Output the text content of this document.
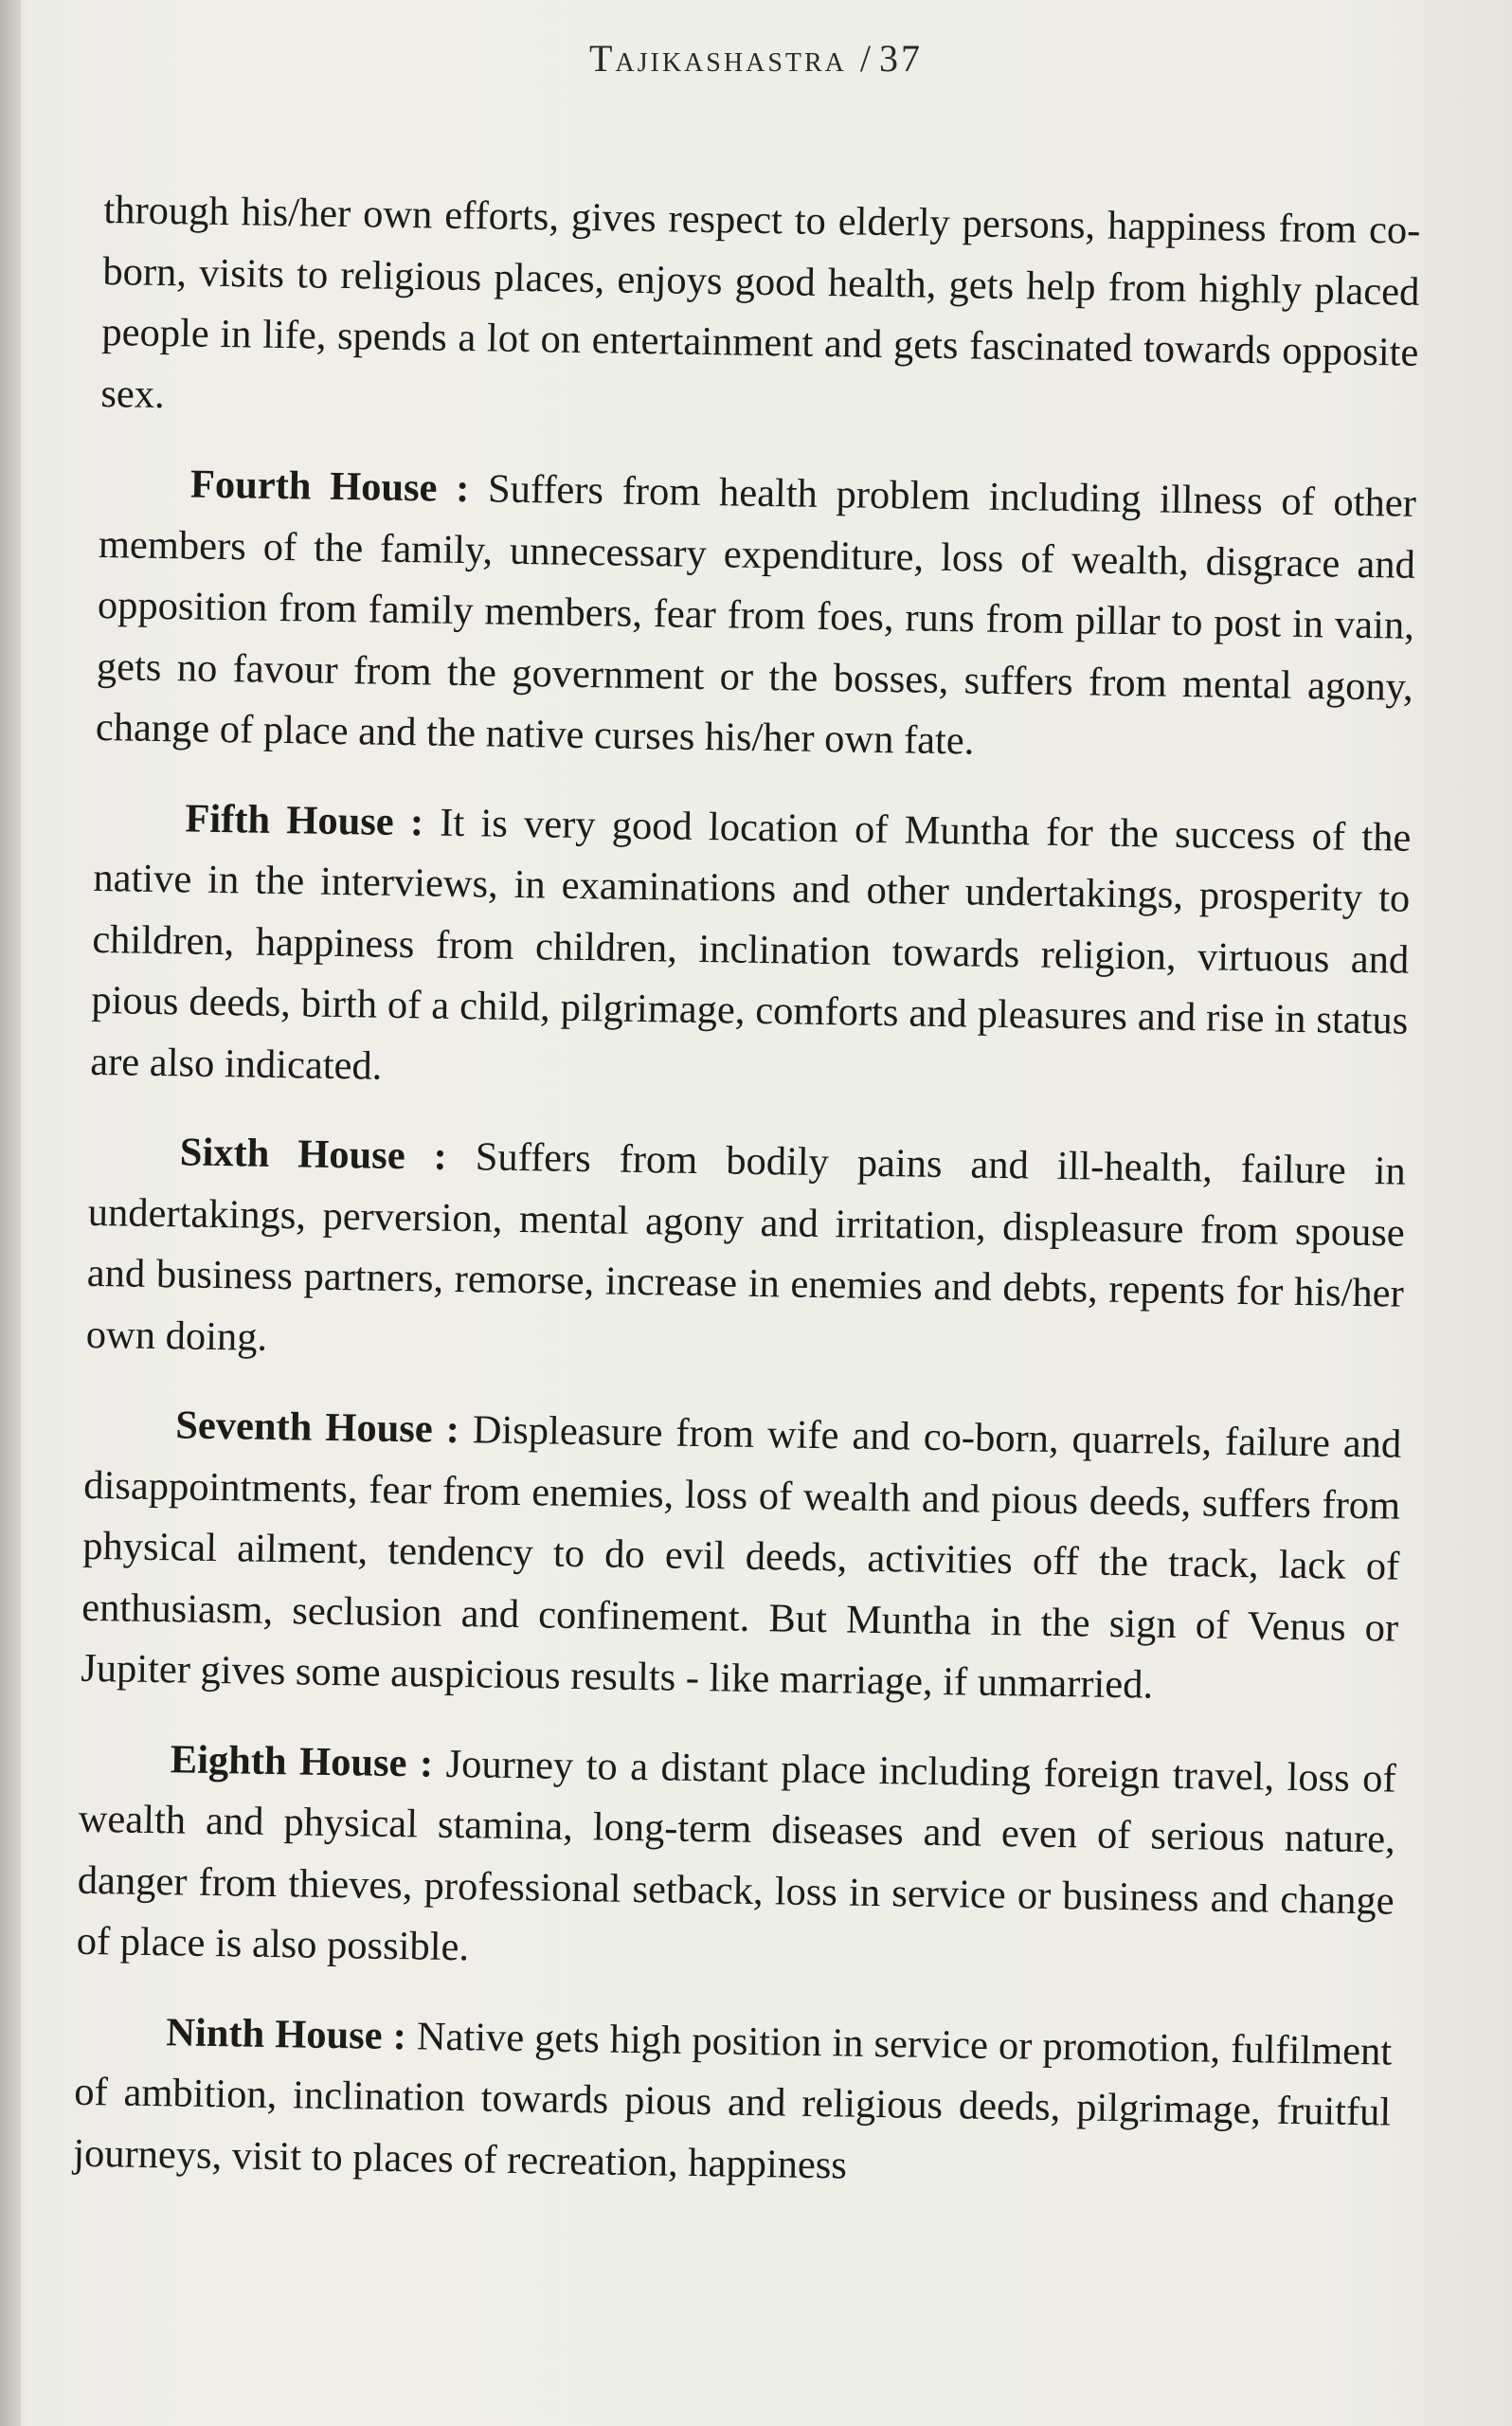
Tajikashastra / 37

through his/her own efforts, gives respect to elderly persons, happiness from co-born, visits to religious places, enjoys good health, gets help from highly placed people in life, spends a lot on entertainment and gets fascinated towards opposite sex.

Fourth House : Suffers from health problem including illness of other members of the family, unnecessary expenditure, loss of wealth, disgrace and opposition from family members, fear from foes, runs from pillar to post in vain, gets no favour from the government or the bosses, suffers from mental agony, change of place and the native curses his/her own fate.

Fifth House : It is very good location of Muntha for the success of the native in the interviews, in examinations and other undertakings, prosperity to children, happiness from children, inclination towards religion, virtuous and pious deeds, birth of a child, pilgrimage, comforts and pleasures and rise in status are also indicated.

Sixth House : Suffers from bodily pains and ill-health, failure in undertakings, perversion, mental agony and irritation, displeasure from spouse and business partners, remorse, increase in enemies and debts, repents for his/her own doing.

Seventh House : Displeasure from wife and co-born, quarrels, failure and disappointments, fear from enemies, loss of wealth and pious deeds, suffers from physical ailment, tendency to do evil deeds, activities off the track, lack of enthusiasm, seclusion and confinement. But Muntha in the sign of Venus or Jupiter gives some auspicious results - like marriage, if unmarried.

Eighth House : Journey to a distant place including foreign travel, loss of wealth and physical stamina, long-term diseases and even of serious nature, danger from thieves, professional setback, loss in service or business and change of place is also possible.

Ninth House : Native gets high position in service or promotion, fulfilment of ambition, inclination towards pious and religious deeds, pilgrimage, fruitful journeys, visit to places of recreation, happiness
